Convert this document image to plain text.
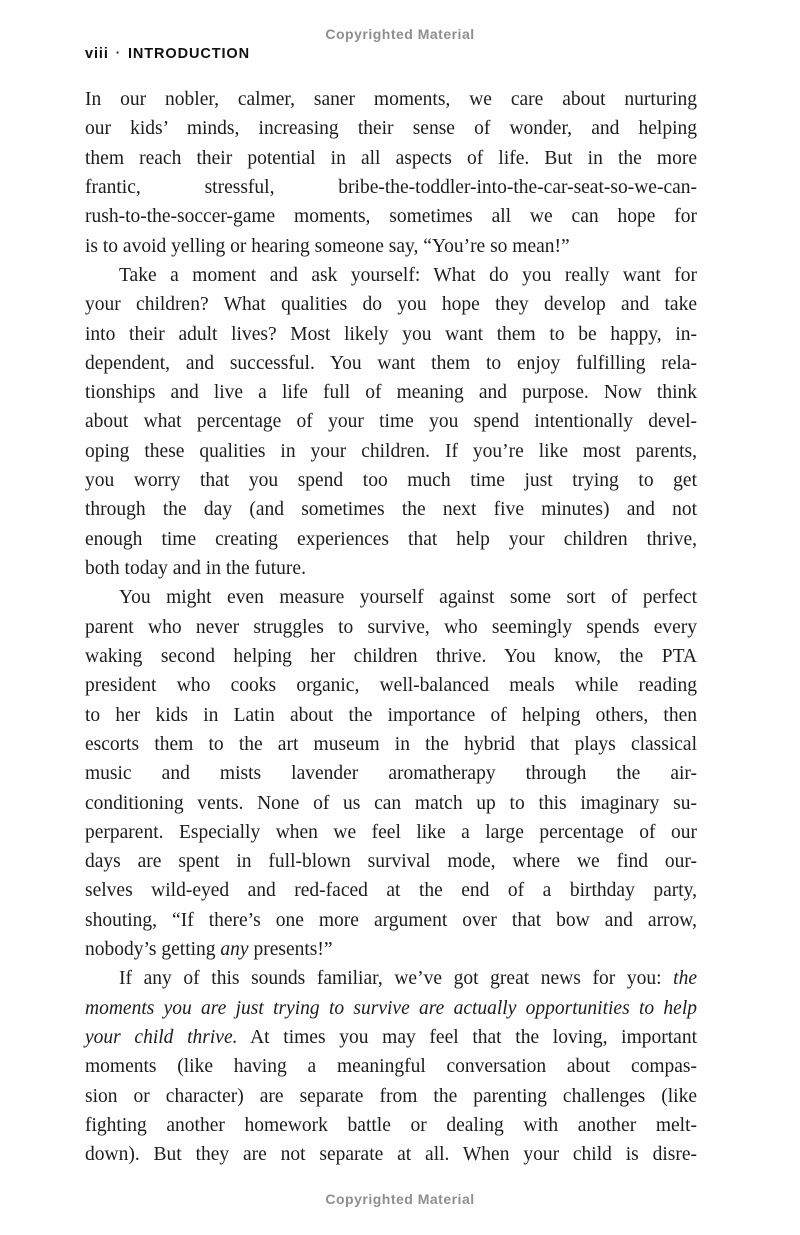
Copyrighted Material
viii · INTRODUCTION
In our nobler, calmer, saner moments, we care about nurturing
our kids’ minds, increasing their sense of wonder, and helping
them reach their potential in all aspects of life. But in the more
frantic, stressful, bribe-the-toddler-into-the-car-seat-so-we-can-
rush-to-the-soccer-game moments, sometimes all we can hope for
is to avoid yelling or hearing someone say, “You’re so mean!”
Take a moment and ask yourself: What do you really want for
your children? What qualities do you hope they develop and take
into their adult lives? Most likely you want them to be happy, in-
dependent, and successful. You want them to enjoy fulfilling rela-
tionships and live a life full of meaning and purpose. Now think
about what percentage of your time you spend intentionally devel-
oping these qualities in your children. If you’re like most parents,
you worry that you spend too much time just trying to get
through the day (and sometimes the next five minutes) and not
enough time creating experiences that help your children thrive,
both today and in the future.
You might even measure yourself against some sort of perfect
parent who never struggles to survive, who seemingly spends every
waking second helping her children thrive. You know, the PTA
president who cooks organic, well-balanced meals while reading
to her kids in Latin about the importance of helping others, then
escorts them to the art museum in the hybrid that plays classical
music and mists lavender aromatherapy through the air-
conditioning vents. None of us can match up to this imaginary su-
perparent. Especially when we feel like a large percentage of our
days are spent in full-blown survival mode, where we find our-
selves wild-eyed and red-faced at the end of a birthday party,
shouting, “If there’s one more argument over that bow and arrow,
nobody’s getting any presents!”
If any of this sounds familiar, we’ve got great news for you: the
moments you are just trying to survive are actually opportunities to help
your child thrive. At times you may feel that the loving, important
moments (like having a meaningful conversation about compas-
sion or character) are separate from the parenting challenges (like
fighting another homework battle or dealing with another melt-
down). But they are not separate at all. When your child is disre-
Copyrighted Material
